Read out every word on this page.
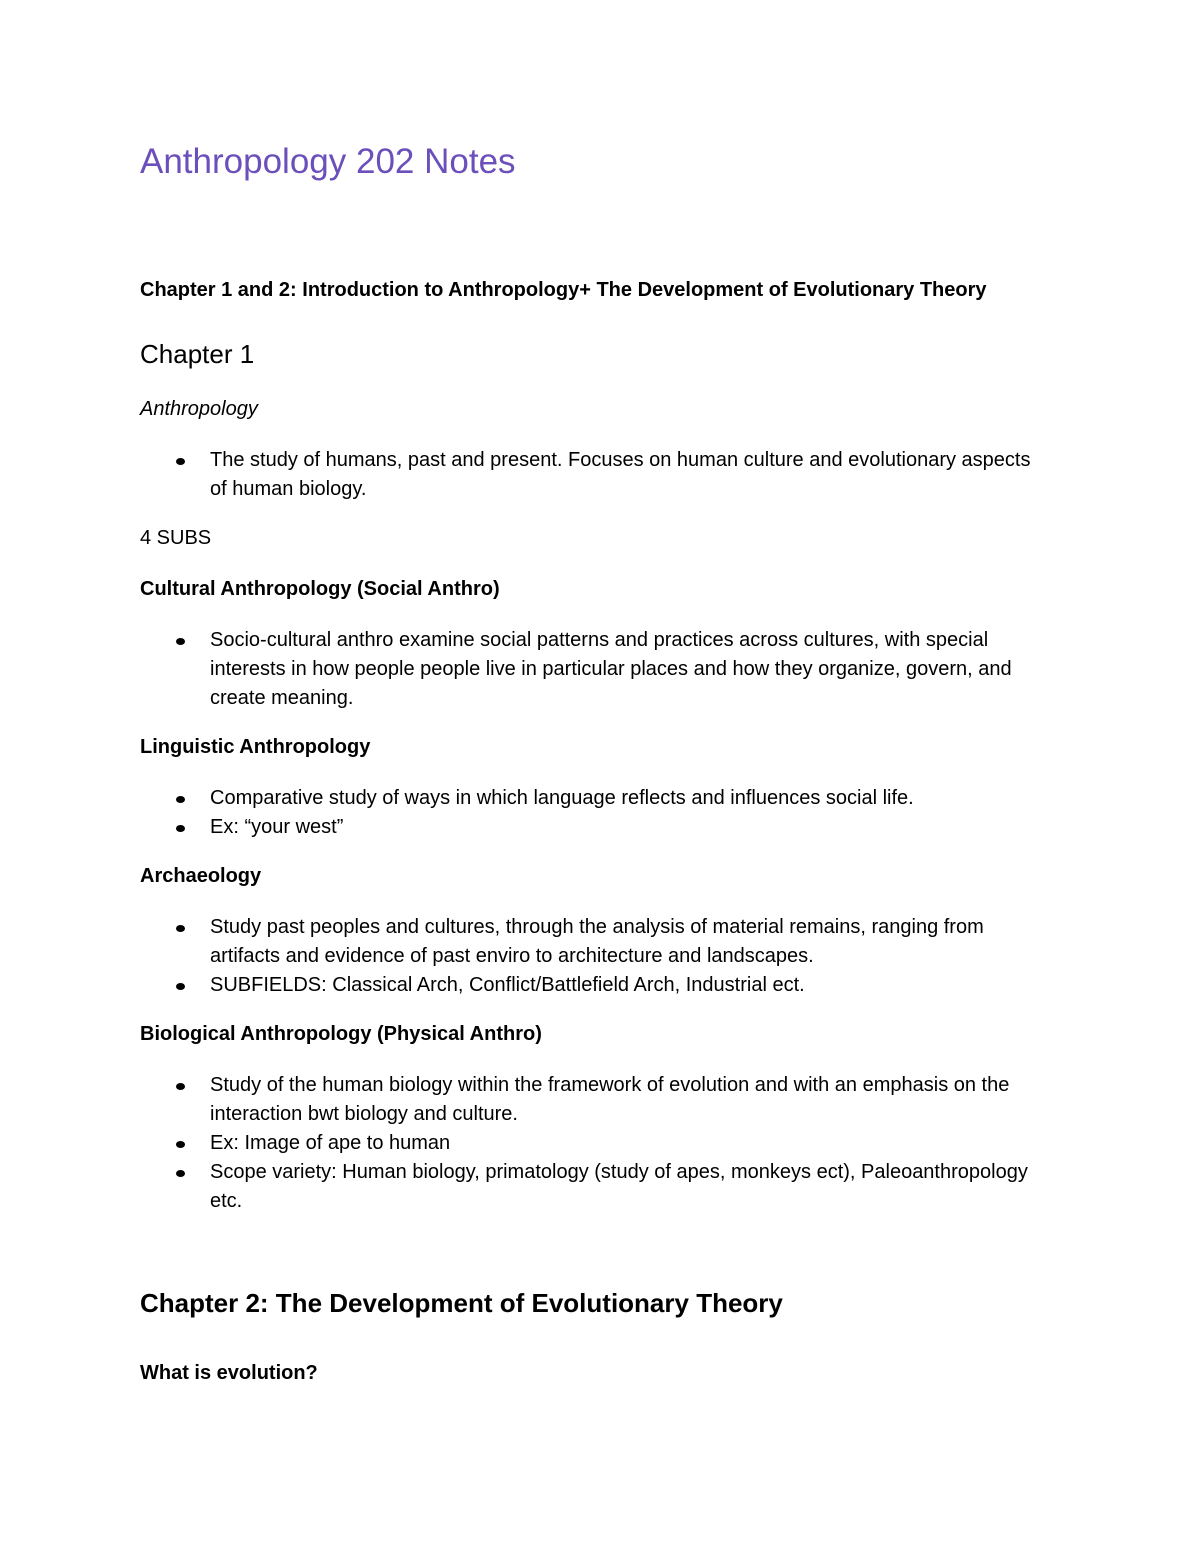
Anthropology 202 Notes
Chapter 1 and 2: Introduction to Anthropology+ The Development of Evolutionary Theory
Chapter 1

Anthropology

The study of humans, past and present. Focuses on human culture and evolutionary aspects of human biology.

4 SUBS

Cultural Anthropology (Social Anthro)

Socio-cultural anthro examine social patterns and practices across cultures, with special interests in how people people live in particular places and how they organize, govern, and create meaning.

Linguistic Anthropology

Comparative study of ways in which language reflects and influences social life.
Ex: “your west”

Archaeology

Study past peoples and cultures, through the analysis of material remains, ranging from artifacts and evidence of past enviro to architecture and landscapes.
SUBFIELDS: Classical Arch, Conflict/Battlefield Arch, Industrial ect.

Biological Anthropology (Physical Anthro)

Study of the human biology within the framework of evolution and with an emphasis on the interaction bwt biology and culture.
Ex: Image of ape to human
Scope variety: Human biology, primatology (study of apes, monkeys ect), Paleoanthropology etc.
Chapter 2: The Development of Evolutionary Theory
What is evolution?
